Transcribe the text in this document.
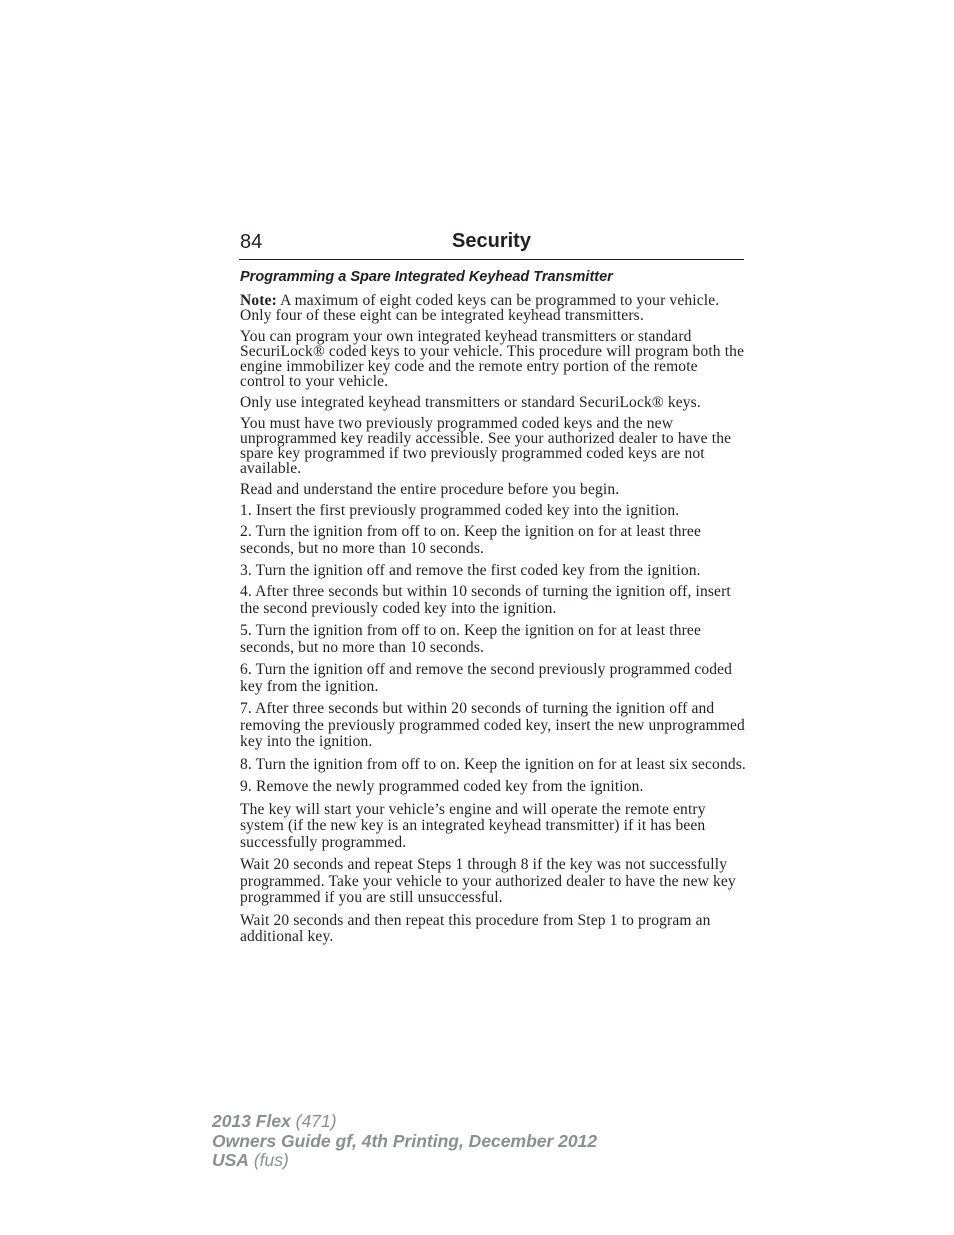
84	Security
Programming a Spare Integrated Keyhead Transmitter

Note: A maximum of eight coded keys can be programmed to your vehicle. Only four of these eight can be integrated keyhead transmitters.

You can program your own integrated keyhead transmitters or standard SecuriLock® coded keys to your vehicle. This procedure will program both the engine immobilizer key code and the remote entry portion of the remote control to your vehicle.

Only use integrated keyhead transmitters or standard SecuriLock® keys.

You must have two previously programmed coded keys and the new unprogrammed key readily accessible. See your authorized dealer to have the spare key programmed if two previously programmed coded keys are not available.

Read and understand the entire procedure before you begin.

1. Insert the first previously programmed coded key into the ignition.

2. Turn the ignition from off to on. Keep the ignition on for at least three seconds, but no more than 10 seconds.

3. Turn the ignition off and remove the first coded key from the ignition.

4. After three seconds but within 10 seconds of turning the ignition off, insert the second previously coded key into the ignition.

5. Turn the ignition from off to on. Keep the ignition on for at least three seconds, but no more than 10 seconds.

6. Turn the ignition off and remove the second previously programmed coded key from the ignition.

7. After three seconds but within 20 seconds of turning the ignition off and removing the previously programmed coded key, insert the new unprogrammed key into the ignition.

8. Turn the ignition from off to on. Keep the ignition on for at least six seconds.

9. Remove the newly programmed coded key from the ignition.

The key will start your vehicle’s engine and will operate the remote entry system (if the new key is an integrated keyhead transmitter) if it has been successfully programmed.

Wait 20 seconds and repeat Steps 1 through 8 if the key was not successfully programmed. Take your vehicle to your authorized dealer to have the new key programmed if you are still unsuccessful.

Wait 20 seconds and then repeat this procedure from Step 1 to program an additional key.

2013 Flex (471)
Owners Guide gf, 4th Printing, December 2012
USA (fus)
